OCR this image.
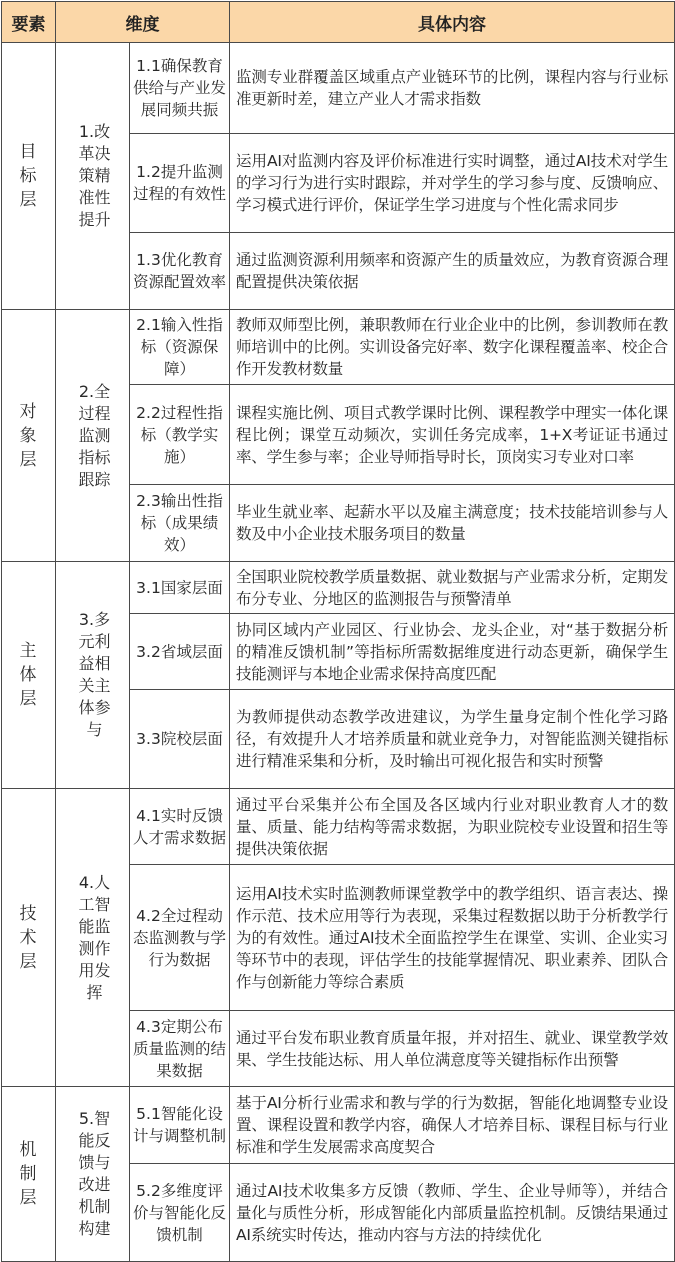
要素	维度		具体内容
目标层	1.改革决策精准性提升	1.1确保教育供给与产业发展同频共振	监测专业群覆盖区域重点产业链环节的比例，课程内容与行业标准更新时差，建立产业人才需求指数
		1.2提升监测过程的有效性	运用AI对监测内容及评价标准进行实时调整，通过AI技术对学生的学习行为进行实时跟踪，并对学生的学习参与度、反馈响应、学习模式进行评价，保证学生学习进度与个性化需求同步
		1.3优化教育资源配置效率	通过监测资源利用频率和资源产生的质量效应，为教育资源合理配置提供决策依据
对象层	2.全过程监测指标跟踪	2.1输入性指标（资源保障）	教师双师型比例，兼职教师在行业企业中的比例，参训教师在教师培训中的比例。实训设备完好率、数字化课程覆盖率、校企合作开发教材数量
		2.2过程性指标（教学实施）	课程实施比例、项目式教学课时比例、课程教学中理实一体化课程比例；课堂互动频次，实训任务完成率，1+X考证证书通过率、学生参与率；企业导师指导时长，顶岗实习专业对口率
		2.3输出性指标（成果绩效）	毕业生就业率、起薪水平以及雇主满意度；技术技能培训参与人数及中小企业技术服务项目的数量
主体层	3.多元利益相关主体参与	3.1国家层面	全国职业院校教学质量数据、就业数据与产业需求分析，定期发布分专业、分地区的监测报告与预警清单
		3.2省域层面	协同区域内产业园区、行业协会、龙头企业，对“基于数据分析的精准反馈机制”等指标所需数据维度进行动态更新，确保学生技能测评与本地企业需求保持高度匹配
		3.3院校层面	为教师提供动态教学改进建议，为学生量身定制个性化学习路径，有效提升人才培养质量和就业竞争力，对智能监测关键指标进行精准采集和分析，及时输出可视化报告和实时预警
技术层	4.人工智能监测作用发挥	4.1实时反馈人才需求数据	通过平台采集并公布全国及各区域内行业对职业教育人才的数量、质量、能力结构等需求数据，为职业院校专业设置和招生等提供决策依据
		4.2全过程动态监测教与学行为数据	运用AI技术实时监测教师课堂教学中的教学组织、语言表达、操作示范、技术应用等行为表现，采集过程数据以助于分析教学行为的有效性。通过AI技术全面监控学生在课堂、实训、企业实习等环节中的表现，评估学生的技能掌握情况、职业素养、团队合作与创新能力等综合素质
		4.3定期公布质量监测的结果数据	通过平台发布职业教育质量年报，并对招生、就业、课堂教学效果、学生技能达标、用人单位满意度等关键指标作出预警
机制层	5.智能反馈与改进机制构建	5.1智能化设计与调整机制	基于AI分析行业需求和教与学的行为数据，智能化地调整专业设置、课程设置和教学内容，确保人才培养目标、课程目标与行业标准和学生发展需求高度契合
		5.2多维度评价与智能化反馈机制	通过AI技术收集多方反馈（教师、学生、企业导师等），并结合量化与质性分析，形成智能化内部质量监控机制。反馈结果通过AI系统实时传达，推动内容与方法的持续优化
